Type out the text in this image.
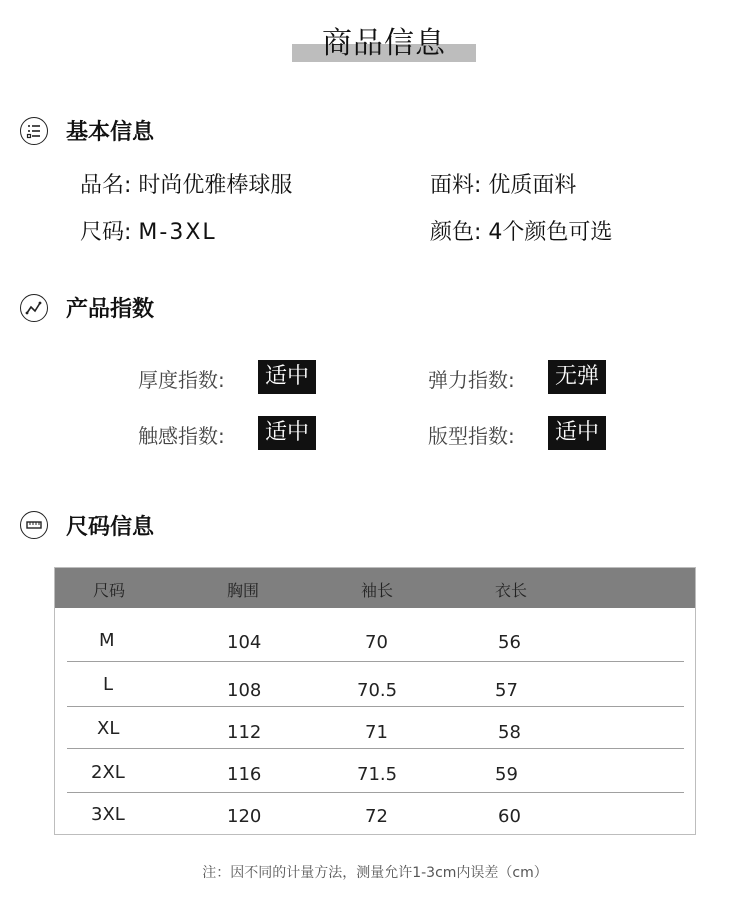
商品信息
基本信息
品名: 时尚优雅棒球服	面料: 优质面料
尺码: M-3XL	颜色: 4个颜色可选
产品指数
厚度指数:	适中	弹力指数:	无弹
触感指数:	适中	版型指数:	适中
尺码信息
尺码	胸围	袖长	衣长
M	104	70	56
L	108	70.5	57
XL	112	71	58
2XL	116	71.5	59
3XL	120	72	60
注：因不同的计量方法，测量允许1-3cm内误差（cm）
